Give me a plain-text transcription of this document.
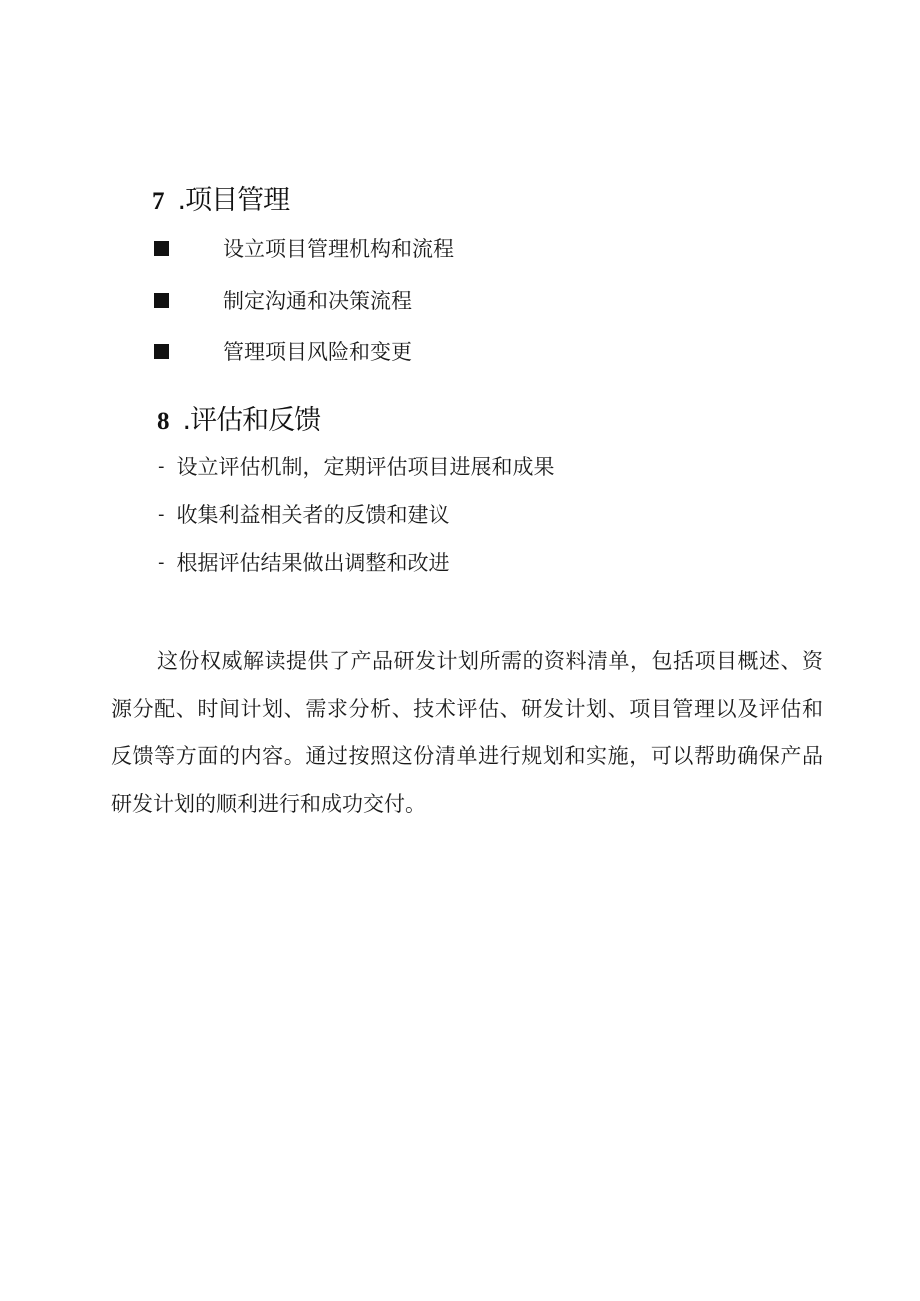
7 .项目管理
设立项目管理机构和流程
制定沟通和决策流程
管理项目风险和变更
8 .评估和反馈
- 设立评估机制，定期评估项目进展和成果
- 收集利益相关者的反馈和建议
- 根据评估结果做出调整和改进

这份权威解读提供了产品研发计划所需的资料清单，包括项目概述、资源分配、时间计划、需求分析、技术评估、研发计划、项目管理以及评估和反馈等方面的内容。通过按照这份清单进行规划和实施，可以帮助确保产品研发计划的顺利进行和成功交付。
